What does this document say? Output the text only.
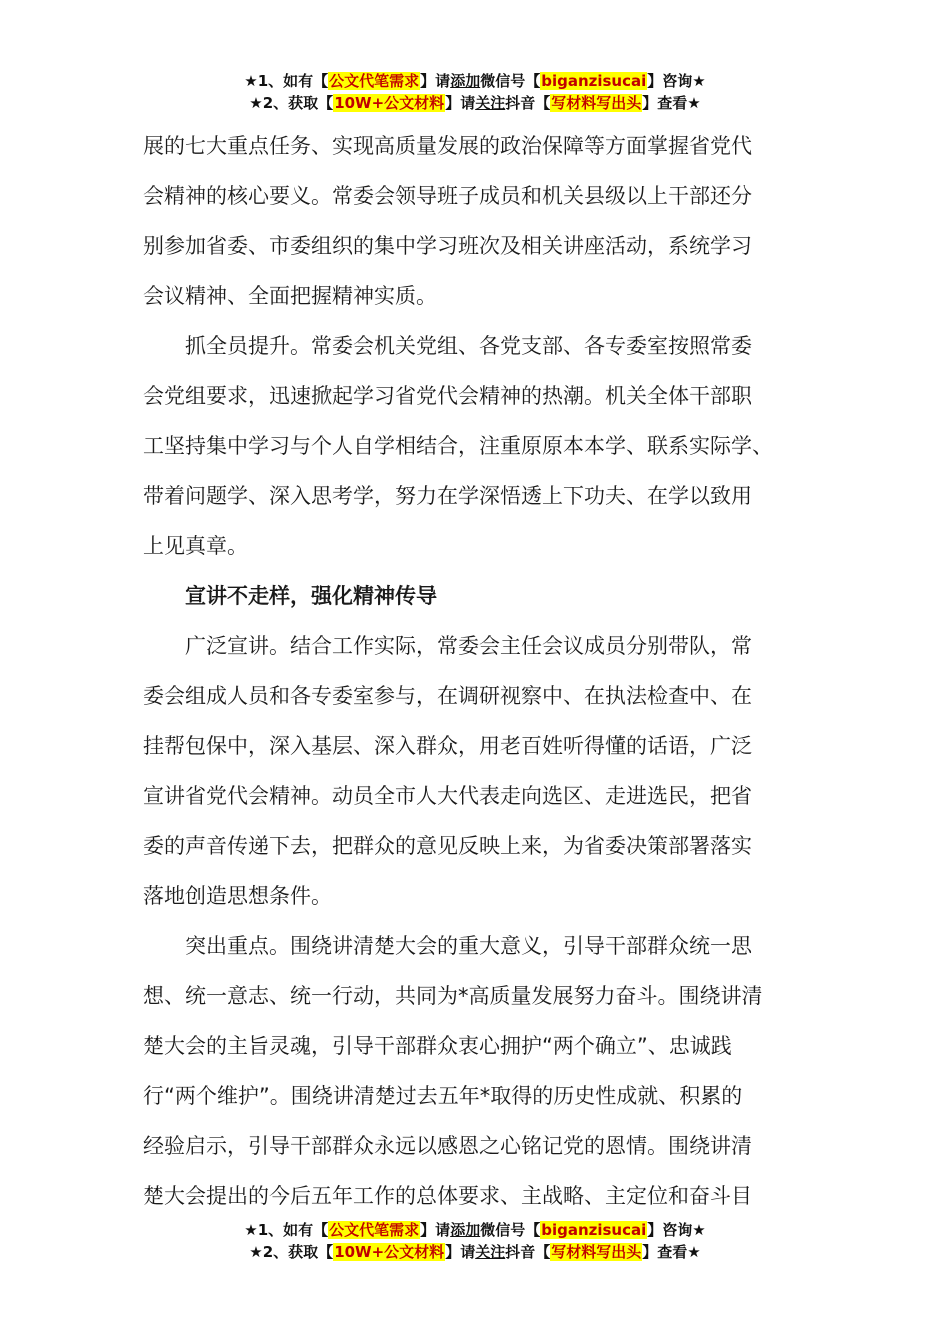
★1、如有【公文代笔需求】请添加微信号【biganzisucai】咨询★
★2、获取【10W+公文材料】请关注抖音【写材料写出头】查看★
展的七大重点任务、实现高质量发展的政治保障等方面掌握省党代
会精神的核心要义。常委会领导班子成员和机关县级以上干部还分
别参加省委、市委组织的集中学习班次及相关讲座活动，系统学习
会议精神、全面把握精神实质。
　　抓全员提升。常委会机关党组、各党支部、各专委室按照常委
会党组要求，迅速掀起学习省党代会精神的热潮。机关全体干部职
工坚持集中学习与个人自学相结合，注重原原本本学、联系实际学、
带着问题学、深入思考学，努力在学深悟透上下功夫、在学以致用
上见真章。
　　宣讲不走样，强化精神传导
　　广泛宣讲。结合工作实际，常委会主任会议成员分别带队，常
委会组成人员和各专委室参与，在调研视察中、在执法检查中、在
挂帮包保中，深入基层、深入群众，用老百姓听得懂的话语，广泛
宣讲省党代会精神。动员全市人大代表走向选区、走进选民，把省
委的声音传递下去，把群众的意见反映上来，为省委决策部署落实
落地创造思想条件。
　　突出重点。围绕讲清楚大会的重大意义，引导干部群众统一思
想、统一意志、统一行动，共同为*高质量发展努力奋斗。围绕讲清
楚大会的主旨灵魂，引导干部群众衷心拥护“两个确立”、忠诚践
行“两个维护”。围绕讲清楚过去五年*取得的历史性成就、积累的
经验启示，引导干部群众永远以感恩之心铭记党的恩情。围绕讲清
楚大会提出的今后五年工作的总体要求、主战略、主定位和奋斗目
★1、如有【公文代笔需求】请添加微信号【biganzisucai】咨询★
★2、获取【10W+公文材料】请关注抖音【写材料写出头】查看★
